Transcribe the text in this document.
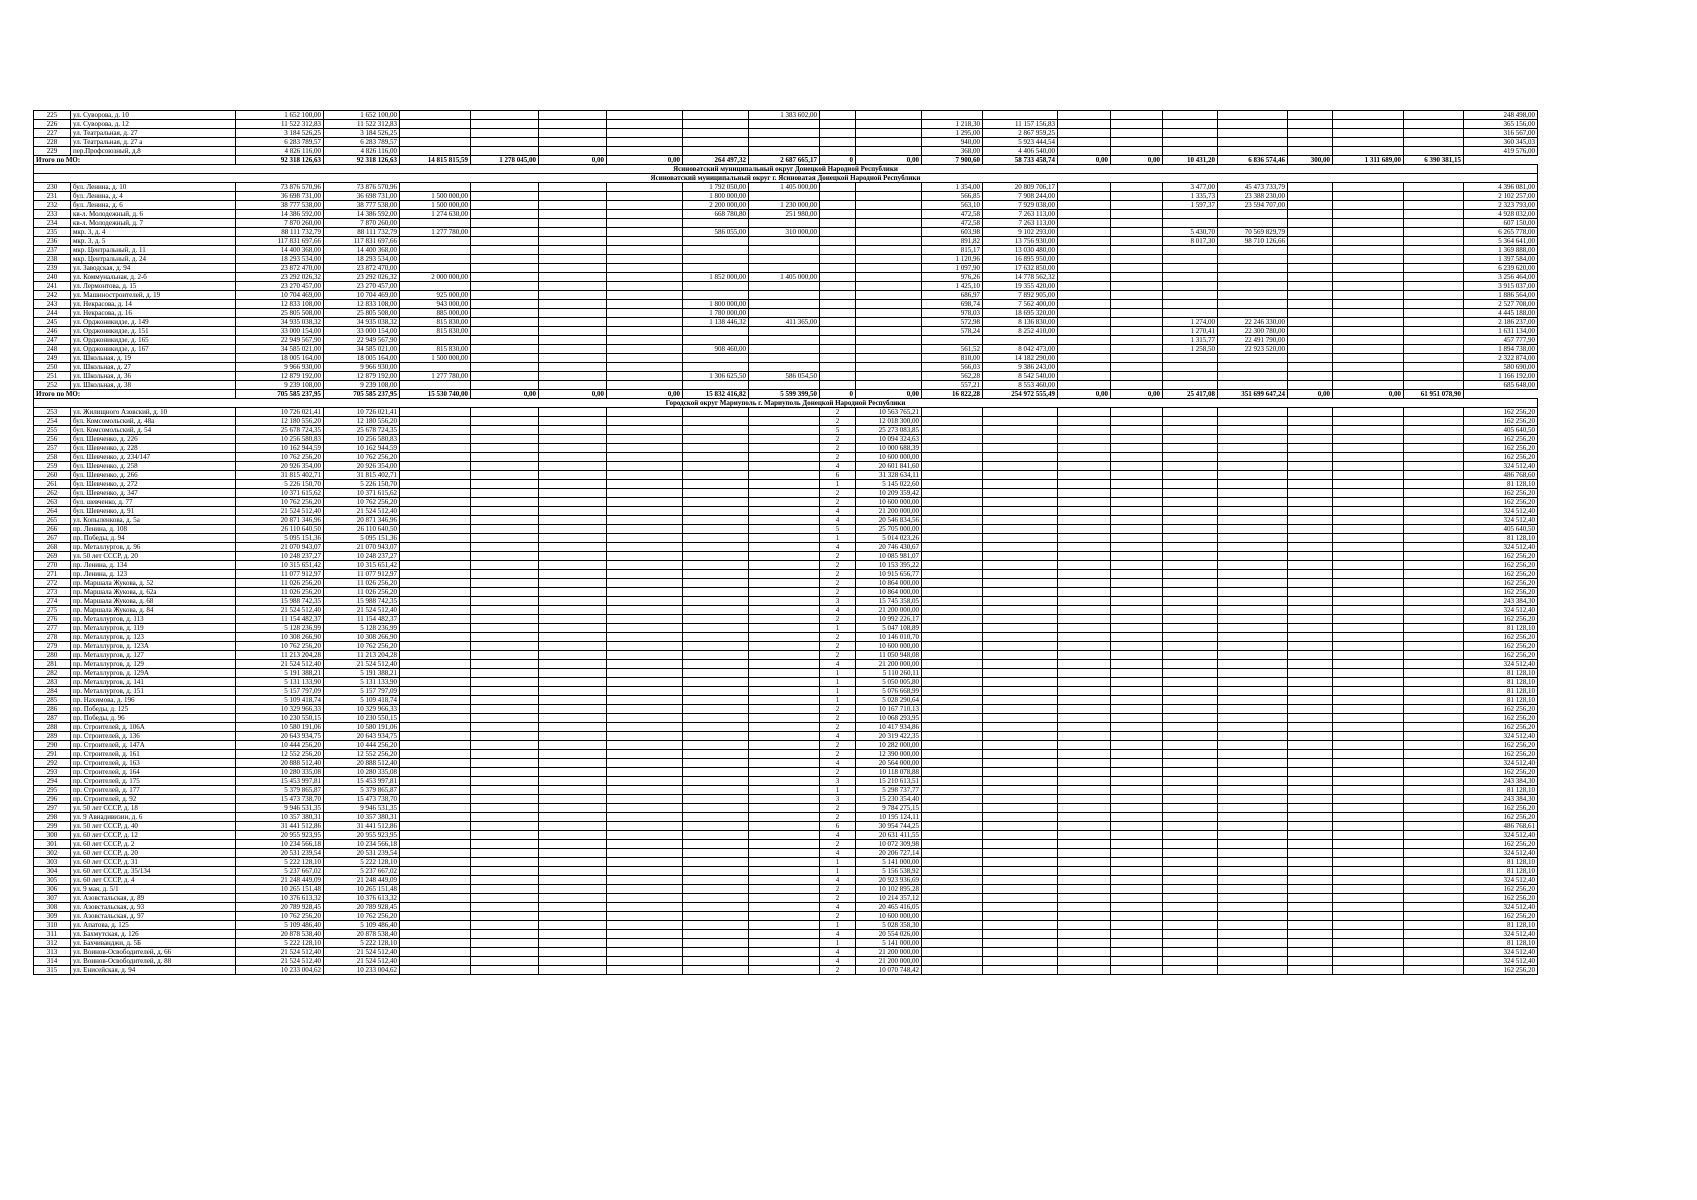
225	ул. Суворова, д. 10	1 652 100,00	1 652 100,00						1 383 602,00												248 498,00
226	ул. Суворова, д. 12	11 522 312,83	11 522 312,83									1 218,30	11 157 156,83								365 156,00
227	ул. Театральная, д. 27	3 184 526,25	3 184 526,25									1 295,00	2 867 959,25								316 567,00
228	ул. Театральная, д. 27 а	6 283 789,57	6 283 789,57									940,00	5 923 444,54								360 345,03
229	пер.Профсоюзный, д.8	4 826 116,00	4 826 116,00									368,00	4 406 540,00								419 576,00
Итого по МО:		92 318 126,63	92 318 126,63	14 815 815,59	1 278 045,00	0,00	0,00	264 497,32	2 687 665,17	0	0,00	7 900,60	58 733 458,74	0,00	0,00	10 431,20	6 836 574,46	300,00	1 311 689,00	6 390 381,15	
Ясиноватский муниципальный округ Донецкой Народной Республики																					
Ясиноватский муниципальный округ г. Ясиноватая Донецкой Народной Республики																					
230	бул. Ленина, д. 10	73 876 570,96	73 876 570,96					1 792 050,00	1 405 000,00			1 354,00	20 809 706,17			3 477,00	45 473 733,79				4 396 081,00
231	бул. Ленина, д. 4	36 698 731,00	36 698 731,00	1 500 000,00				1 800 000,00				566,85	7 908 244,00			1 335,73	23 388 230,00				2 102 257,00
232	бул. Ленина, д. 6	38 777 538,00	38 777 538,00	1 500 000,00				2 200 000,00	1 230 000,00			563,10	7 929 038,00			1 597,37	23 594 707,00				2 323 793,00
233	кв-л. Молодежный, д. 6	14 386 592,00	14 386 592,00	1 274 630,00				668 780,80	251 980,00			472,58	7 263 113,00								4 928 032,00
234	кв-л. Молодежный, д. 7	7 870 260,00	7 870 260,00									472,58	7 263 113,00								607 150,00
235	мкр. 3, д. 4	88 111 732,79	88 111 732,79	1 277 780,00				586 055,00	310 000,00			603,98	9 102 293,00			5 430,70	70 569 829,79				6 265 778,00
236	мкр. 3, д. 5	117 831 697,66	117 831 697,66									891,82	13 756 930,00			8 017,30	98 710 126,66				5 364 641,00
237	мкр. Центральный, д. 11	14 400 368,00	14 400 368,00									815,17	13 030 480,00								1 369 888,00
238	мкр. Центральный, д. 24	18 293 534,00	18 293 534,00									1 120,96	16 895 950,00								1 397 584,00
239	ул. Заводская, д. 94	23 872 470,00	23 872 470,00									1 097,90	17 632 850,00								6 239 620,00
240	ул. Коммунальная, д. 2-б	23 292 026,32	23 292 026,32	2 000 000,00				1 852 000,00	1 405 000,00			976,26	14 778 562,32								3 256 464,00
241	ул. Лермонтова, д. 15	23 270 457,00	23 270 457,00									1 425,10	19 355 420,00								3 915 037,00
242	ул. Машиностроителей, д. 19	10 704 469,00	10 704 469,00	925 000,00								686,97	7 892 905,00								1 886 564,00
243	ул. Некрасова, д. 14	12 833 108,00	12 833 108,00	943 000,00				1 800 000,00				698,74	7 562 400,00								2 527 708,00
244	ул. Некрасова, д. 16	25 805 508,00	25 805 508,00	885 000,00				1 780 000,00				978,03	18 695 320,00								4 445 188,00
245	ул. Орджоникидзе, д. 149	34 935 038,32	34 935 038,32	815 830,00				1 138 446,32	411 365,00			572,98	8 136 830,00			1 274,00	22 246 330,00				2 186 237,00
246	ул. Орджоникидзе, д. 151	33 000 154,00	33 000 154,00	815 830,00								578,24	8 252 410,00			1 270,41	22 300 780,00				1 631 134,00
247	ул. Орджоникидзе, д. 165	22 949 567,90	22 949 567,90													1 315,77	22 491 790,00				457 777,90
248	ул. Орджоникидзе, д. 167	34 585 021,00	34 585 021,00	815 830,00				908 460,00				561,52	8 042 473,00			1 258,50	22 923 520,00				1 894 738,00
249	ул. Школьная, д. 19	18 005 164,00	18 005 164,00	1 500 000,00								810,00	14 182 290,00								2 322 874,00
250	ул. Школьная, д. 27	9 966 930,00	9 966 930,00									566,03	9 386 243,00								580 690,00
251	ул. Школьная, д. 36	12 879 192,00	12 879 192,00	1 277 780,00				1 306 625,50	586 054,50			562,28	8 542 540,00								1 166 192,00
252	ул. Школьная, д. 38	9 239 108,00	9 239 108,00									557,21	8 553 460,00								685 648,00
Итого по МО:		705 585 237,95	705 585 237,95	15 530 740,00	0,00	0,00	0,00	15 832 416,82	5 599 399,50	0	0,00	16 822,28	254 972 555,49	0,00	0,00	25 417,08	351 699 647,24	0,00	0,00	61 951 078,90	
Городской округ Мариуполь г. Мариуполь Донецкой Народной Республики																					
253	ул. Жилищного Азовский, д. 10	10 726 021,41	10 726 021,41							2	10 563 765,21										162 256,20
254	бул. Комсомольский, д. 48а	12 180 556,20	12 180 556,20							2	12 018 300,00										162 256,20
255	бул. Комсомольский, д. 54	25 678 724,35	25 678 724,35							5	25 273 083,85										405 640,50
256	бул. Шевченко, д. 226	10 256 580,83	10 256 580,83							2	10 094 324,63										162 256,20
257	бул. Шевченко, д. 228	10 162 944,59	10 162 944,59							2	10 000 688,39										162 256,20
258	бул. Шевченко, д. 234/147	10 762 256,20	10 762 256,20							2	10 600 000,00										162 256,20
259	бул. Шевченко, д. 258	20 926 354,00	20 926 354,00							4	20 601 841,60										324 512,40
260	бул. Шевченко, д. 266	31 815 402,71	31 815 402,71							6	31 328 634,11										486 768,60
261	бул. Шевченко, д. 272	5 226 150,70	5 226 150,70							1	5 145 022,60										81 128,10
262	бул. Шевченко, д. 347	10 371 615,62	10 371 615,62							2	10 209 359,42										162 256,20
263	бул. шевченко, д. 77	10 762 256,20	10 762 256,20							2	10 600 000,00										162 256,20
264	бул. Шевченко, д. 91	21 524 512,40	21 524 512,40							4	21 200 000,00										324 512,40
265	ул. Копыленкова, д. 5а	20 871 346,96	20 871 346,96							4	20 546 834,56										324 512,40
266	пр. Ленина, д. 108	26 110 640,50	26 110 640,50							5	25 705 000,00										405 640,50
267	пр. Победы, д. 94	5 095 151,36	5 095 151,36							1	5 014 023,26										81 128,10
268	пр. Металлургов, д. 96	21 070 943,07	21 070 943,07							4	20 746 430,67										324 512,40
269	ул. 50 лет СССР, д. 20	10 248 237,27	10 248 237,27							2	10 085 981,07										162 256,20
270	пр. Ленина, д. 134	10 315 651,42	10 315 651,42							2	10 153 395,22										162 256,20
271	пр. Ленина, д. 123	11 077 912,97	11 077 912,97							2	10 915 656,77										162 256,20
272	пр. Маршала Жукова, д. 52	11 026 256,20	11 026 256,20							2	10 864 000,00										162 256,20
273	пр. Маршала Жукова, д. 62а	11 026 256,20	11 026 256,20							2	10 864 000,00										162 256,20
274	пр. Маршала Жукова, д. 68	15 988 742,35	15 988 742,35							3	15 745 358,05										243 384,30
275	пр. Маршала Жукова, д. 84	21 524 512,40	21 524 512,40							4	21 200 000,00										324 512,40
276	пр. Металлургов, д. 113	11 154 482,37	11 154 482,37							2	10 992 226,17										162 256,20
277	пр. Металлургов, д. 119	5 128 236,99	5 128 236,99							1	5 047 108,89										81 128,10
278	пр. Металлургов, д. 123	10 308 266,90	10 308 266,90							2	10 146 010,70										162 256,20
279	пр. Металлургов, д. 123А	10 762 256,20	10 762 256,20							2	10 600 000,00										162 256,20
280	пр. Металлургов, д. 127	11 213 204,28	11 213 204,28							2	11 050 948,08										162 256,20
281	пр. Металлургов, д. 129	21 524 512,40	21 524 512,40							4	21 200 000,00										324 512,40
282	пр. Металлургов, д. 129А	5 191 388,21	5 191 388,21							1	5 110 260,11										81 128,10
283	пр. Металлургов, д. 141	5 131 133,90	5 131 133,90							1	5 050 005,80										81 128,10
284	пр. Металлургов, д. 151	5 157 797,09	5 157 797,09							1	5 076 668,99										81 128,10
285	пр. Нахимова, д. 196	5 109 418,74	5 109 418,74							1	5 028 290,64										81 128,10
286	пр. Победы, д. 125	10 329 966,33	10 329 966,33							2	10 167 710,13										162 256,20
287	пр. Победы, д. 96	10 230 550,15	10 230 550,15							2	10 068 293,95										162 256,20
288	пр. Строителей, д. 106А	10 580 191,06	10 580 191,06							2	10 417 934,86										162 256,20
289	пр. Строителей, д. 136	20 643 934,75	20 643 934,75							4	20 319 422,35										324 512,40
290	пр. Строителей, д. 147А	10 444 256,20	10 444 256,20							2	10 282 000,00										162 256,20
291	пр. Строителей, д. 161	12 552 256,20	12 552 256,20							2	12 390 000,00										162 256,20
292	пр. Строителей, д. 163	20 888 512,40	20 888 512,40							4	20 564 000,00										324 512,40
293	пр. Строителей, д. 164	10 280 335,08	10 280 335,08							2	10 118 078,88										162 256,20
294	пр. Строителей, д. 175	15 453 997,81	15 453 997,81							3	15 210 613,51										243 384,30
295	пр. Строителей, д. 177	5 379 865,87	5 379 865,87							1	5 298 737,77										81 128,10
296	пр. Строителей, д. 92	15 473 738,70	15 473 738,70							3	15 230 354,40										243 384,30
297	ул. 50 лет СССР, д. 18	9 946 531,35	9 946 531,35							2	9 784 275,15										162 256,20
298	ул. 9 Авиадивизии, д. 6	10 357 380,31	10 357 380,31							2	10 195 124,11										162 256,20
299	ул. 50 лет СССР, д. 40	31 441 512,86	31 441 512,86							6	30 954 744,25										486 768,61
300	ул. 60 лет СССР, д. 12	20 955 923,95	20 955 923,95							4	20 631 411,55										324 512,40
301	ул. 60 лет СССР, д. 2	10 234 566,18	10 234 566,18							2	10 072 309,98										162 256,20
302	ул. 60 лет СССР, д. 20	20 531 239,54	20 531 239,54							4	20 206 727,14										324 512,40
303	ул. 60 лет СССР, д. 31	5 222 128,10	5 222 128,10							1	5 141 000,00										81 128,10
304	ул. 60 лет СССР, д. 35/134	5 237 667,02	5 237 667,02							1	5 156 538,92										81 128,10
305	ул. 60 лет СССР, д. 4	21 248 449,09	21 248 449,09							4	20 923 936,69										324 512,40
306	ул. 9 мая, д. 5/1	10 265 151,48	10 265 151,48							2	10 102 895,28										162 256,20
307	ул. Азовстальская, д. 89	10 376 613,32	10 376 613,32							2	10 214 357,12										162 256,20
308	ул. Азовстальская, д. 93	20 789 928,45	20 789 928,45							4	20 465 416,05										324 512,40
309	ул. Азовстальская, д. 97	10 762 256,20	10 762 256,20							2	10 600 000,00										162 256,20
310	ул. Апатова, д. 125	5 109 486,40	5 109 486,40							1	5 028 358,30										81 128,10
311	ул. Бахмутская, д. 126	20 878 538,40	20 878 538,40							4	20 554 026,00										324 512,40
312	ул. Бахчиванджи, д. 5Б	5 222 128,10	5 222 128,10							1	5 141 000,00										81 128,10
313	ул. Воинов-Освободителей, д. 66	21 524 512,40	21 524 512,40							4	21 200 000,00										324 512,40
314	ул. Воинов-Освободителей, д. 88	21 524 512,40	21 524 512,40							4	21 200 000,00										324 512,40
315	ул. Енисейская, д. 94	10 233 004,62	10 233 004,62							2	10 070 748,42										162 256,20
